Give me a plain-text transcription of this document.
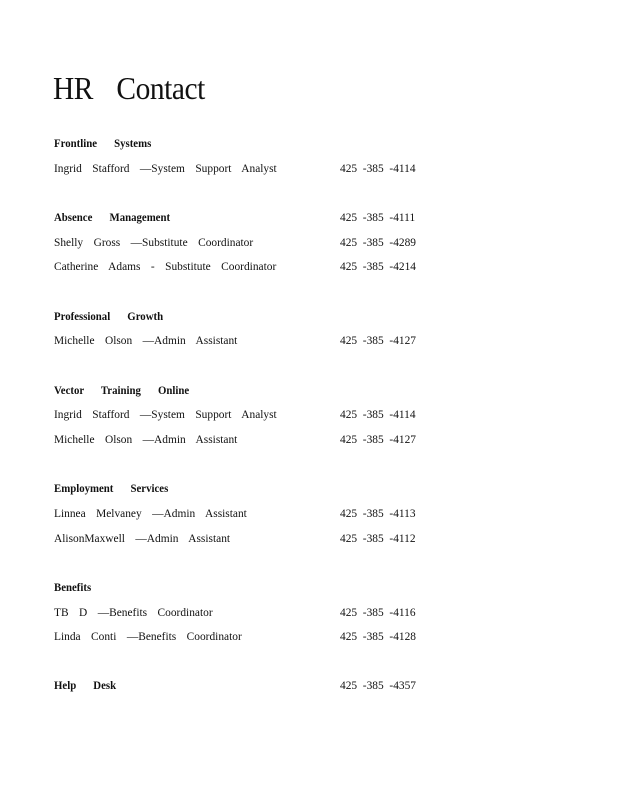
HR Contact
Frontline Systems
Ingrid Stafford —System Support Analyst	425 -385 -4114
Absence Management	425 -385 -4111
Shelly Gross —Substitute Coordinator	425 -385 -4289
Catherine Adams - Substitute Coordinator	425 -385 -4214
Professional Growth
Michelle Olson —Admin Assistant	425 -385 -4127
Vector Training Online
Ingrid Stafford —System Support Analyst	425 -385 -4114
Michelle Olson —Admin Assistant	425 -385 -4127
Employment Services
Linnea Melvaney —Admin Assistant	425 -385 -4113
AlisonMaxwell —Admin Assistant	425 -385 -4112
Benefits
TB D —Benefits Coordinator	425 -385 -4116
Linda Conti —Benefits Coordinator	425 -385 -4128
Help Desk	425 -385 -4357
